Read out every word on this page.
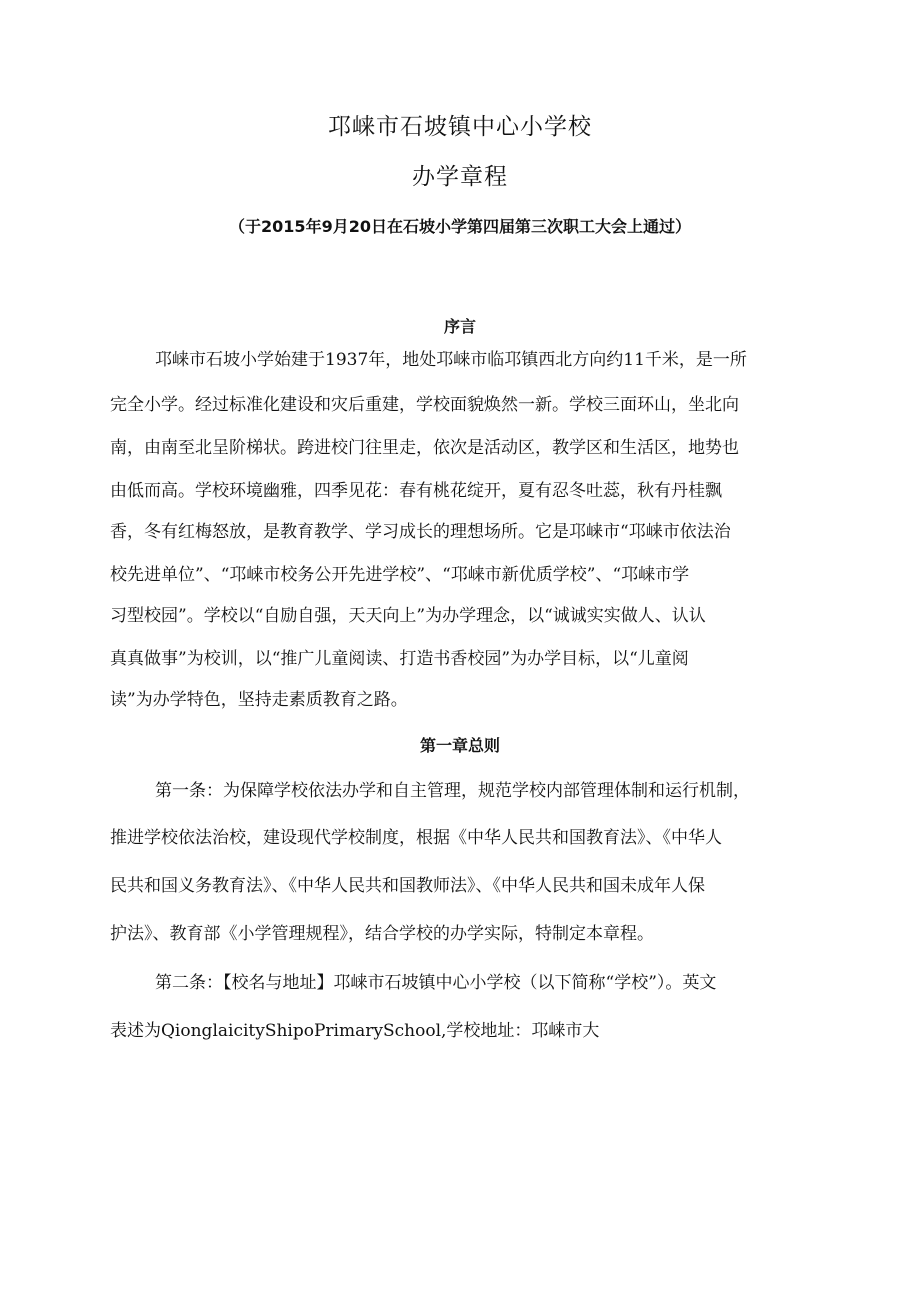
邛崃市石坡镇中心小学校
办学章程
（于2015年9月20日在石坡小学第四届第三次职工大会上通过）
序言
邛崃市石坡小学始建于1937年，地处邛崃市临邛镇西北方向约11千米，是一所
完全小学。经过标准化建设和灾后重建，学校面貌焕然一新。学校三面环山，坐北向
南，由南至北呈阶梯状。跨进校门往里走，依次是活动区，教学区和生活区，地势也
由低而高。学校环境幽雅，四季见花：春有桃花绽开，夏有忍冬吐蕊，秋有丹桂飘
香，冬有红梅怒放，是教育教学、学习成长的理想场所。它是邛崃市“邛崃市依法治
校先进单位”、“邛崃市校务公开先进学校”、“邛崃市新优质学校”、“邛崃市学
习型校园”。学校以“自励自强，天天向上”为办学理念，以“诚诚实实做人、认认
真真做事”为校训，以“推广儿童阅读、打造书香校园”为办学目标，以“儿童阅
读”为办学特色，坚持走素质教育之路。
第一章总则
第一条：为保障学校依法办学和自主管理，规范学校内部管理体制和运行机制，
推进学校依法治校，建设现代学校制度，根据《中华人民共和国教育法》、《中华人
民共和国义务教育法》、《中华人民共和国教师法》、《中华人民共和国未成年人保
护法》、教育部《小学管理规程》，结合学校的办学实际，特制定本章程。
第二条：【校名与地址】邛崃市石坡镇中心小学校（以下简称“学校”）。英文
表述为QionglaicityShipoPrimarySchool,学校地址：邛崃市大
